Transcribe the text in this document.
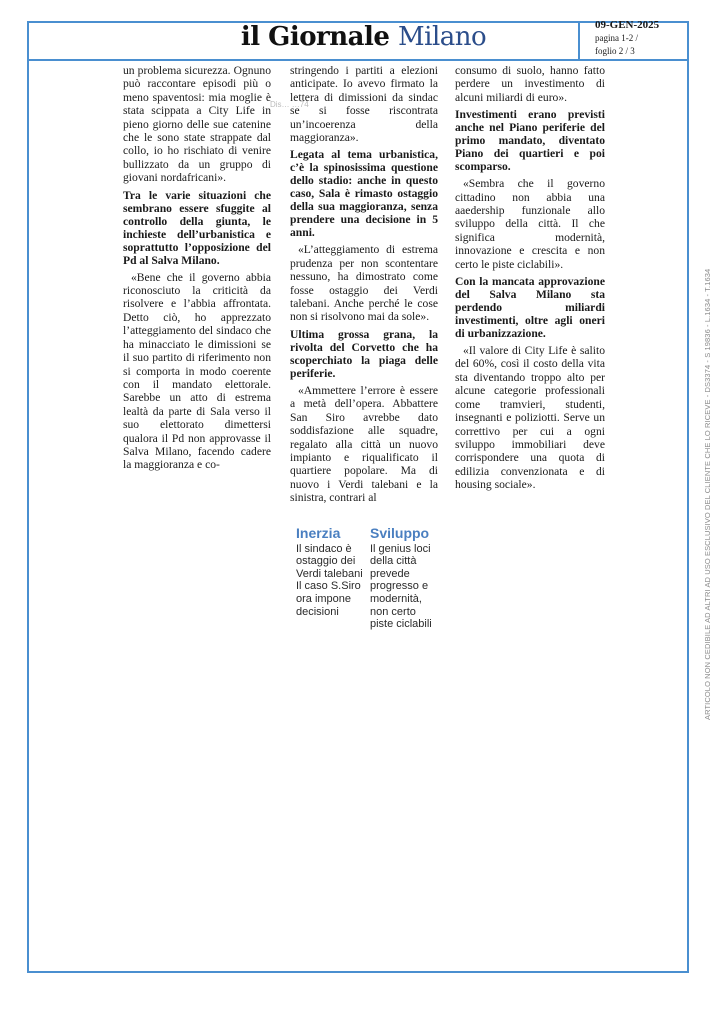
il Giornale Milano	09-GEN-2025
pagina 1-2 /
foglio 2 / 3
Dis… …74
ARTICOLO NON CEDIBILE AD ALTRI AD USO ESCLUSIVO DEL CLIENTE CHE LO RICEVE - DS3374 - S 19836 - L.1634 - T.1634

un problema sicurezza. Ognuno può raccontare episodi più o meno spaventosi: mia moglie è stata scippata a City Life in pieno giorno delle sue catenine che le sono state strappate dal collo, io ho rischiato di venire bullizzato da un gruppo di giovani nordafricani».

Tra le varie situazioni che sembrano essere sfuggite al controllo della giunta, le inchieste dell’urbanistica e soprattutto l’opposizione del Pd al Salva Milano.

«Bene che il governo abbia riconosciuto la criticità da risolvere e l’abbia affrontata. Detto ciò, ho apprezzato l’atteggiamento del sindaco che ha minacciato le dimissioni se il suo partito di riferimento non si comporta in modo coerente con il mandato elettorale. Sarebbe un atto di estrema lealtà da parte di Sala verso il suo elettorato dimettersi qualora il Pd non approvasse il Salva Milano, facendo cadere la maggioranza e co-

stringendo i partiti a elezioni anticipate. Io avevo firmato la lettera di dimissioni da sindac se si fosse riscontrata un’incoerenza della maggioranza».

Legata al tema urbanistica, c’è la spinosissima questione dello stadio: anche in questo caso, Sala è rimasto ostaggio della sua maggioranza, senza prendere una decisione in 5 anni.

«L’atteggiamento di estrema prudenza per non scontentare nessuno, ha dimostrato come fosse ostaggio dei Verdi talebani. Anche perché le cose non si risolvono mai da sole».

Ultima grossa grana, la rivolta del Corvetto che ha scoperchiato la piaga delle periferie.

«Ammettere l’errore è essere a metà dell’opera. Abbattere San Siro avrebbe dato soddisfazione alle squadre, regalato alla città un nuovo impianto e riqualificato il quartiere popolare. Ma di nuovo i Verdi talebani e la sinistra, contrari al

consumo di suolo, hanno fatto perdere un investimento di alcuni miliardi di euro».

Investimenti erano previsti anche nel Piano periferie del primo mandato, diventato Piano dei quartieri e poi scomparso.

«Sembra che il governo cittadino non abbia una aaedership funzionale allo sviluppo della città. Il che significa modernità, innovazione e crescita e non certo le piste ciclabili».

Con la mancata approvazione del Salva Milano sta perdendo miliardi investimenti, oltre agli oneri di urbanizzazione.

«Il valore di City Life è salito del 60%, così il costo della vita sta diventando troppo alto per alcune categorie professionali come tramvieri, studenti, insegnanti e poliziotti. Serve un correttivo per cui a ogni sviluppo immobiliari deve corrispondere una quota di edilizia convenzionata e di housing sociale».

Inerzia
Il sindaco è ostaggio dei Verdi talebani Il caso S.Siro ora impone decisioni
Sviluppo
Il genius loci della città prevede progresso e modernità, non certo piste ciclabili
